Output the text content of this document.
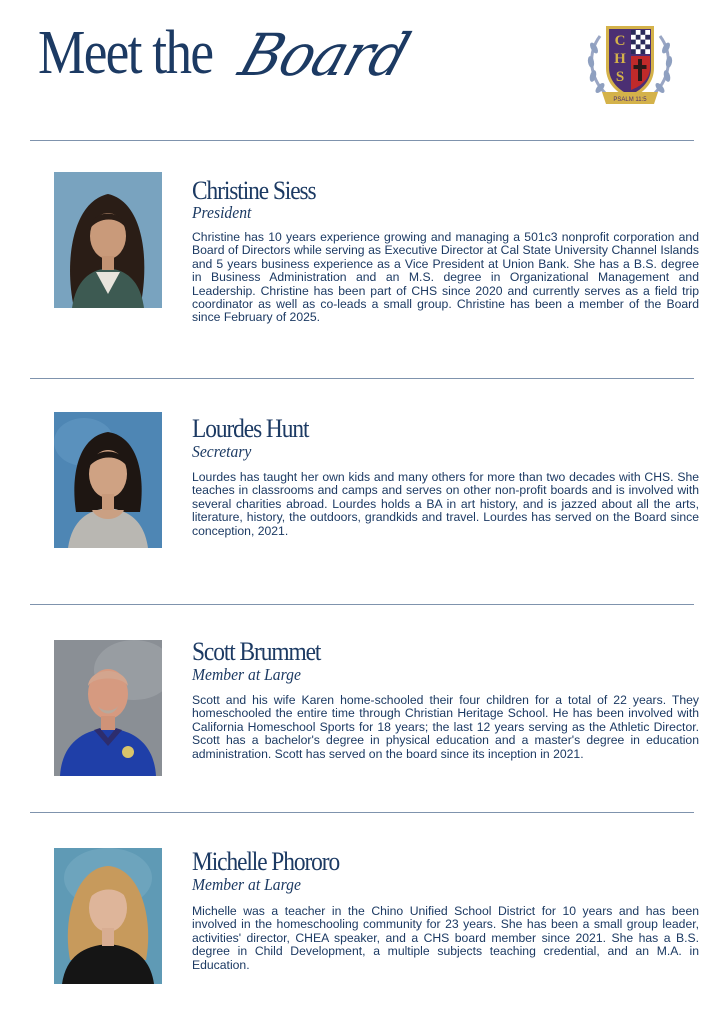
Meet the Board	C
H
S
PSALM 11:5
Christine Siess
President

Christine has 10 years experience growing and managing a 501c3 nonprofit corporation and Board of Directors while serving as Executive Director at Cal State University Channel Islands and 5 years business experience as a Vice President at Union Bank. She has a B.S. degree in Business Administration and an M.S. degree in Organizational Management and Leadership. Christine has been part of CHS since 2020 and currently serves as a field trip coordinator as well as co-leads a small group. Christine has been a member of the Board since February of 2025.

Lourdes Hunt
Secretary

Lourdes has taught her own kids and many others for more than two decades with CHS. She teaches in classrooms and camps and serves on other non-profit boards and is involved with several charities abroad. Lourdes holds a BA in art history, and is jazzed about all the arts, literature, history, the outdoors, grandkids and travel. Lourdes has served on the Board since conception, 2021.

Scott Brummet
Member at Large

Scott and his wife Karen home-schooled their four children for a total of 22 years. They homeschooled the entire time through Christian Heritage School. He has been involved with California Homeschool Sports for 18 years; the last 12 years serving as the Athletic Director. Scott has a bachelor's degree in physical education and a master's degree in education administration. Scott has served on the board since its inception in 2021.

Michelle Phororo
Member at Large

Michelle was a teacher in the Chino Unified School District for 10 years and has been involved in the homeschooling community for 23 years. She has been a small group leader, activities' director, CHEA speaker, and a CHS board member since 2021. She has a B.S. degree in Child Development, a multiple subjects teaching credential, and an M.A. in Education.
